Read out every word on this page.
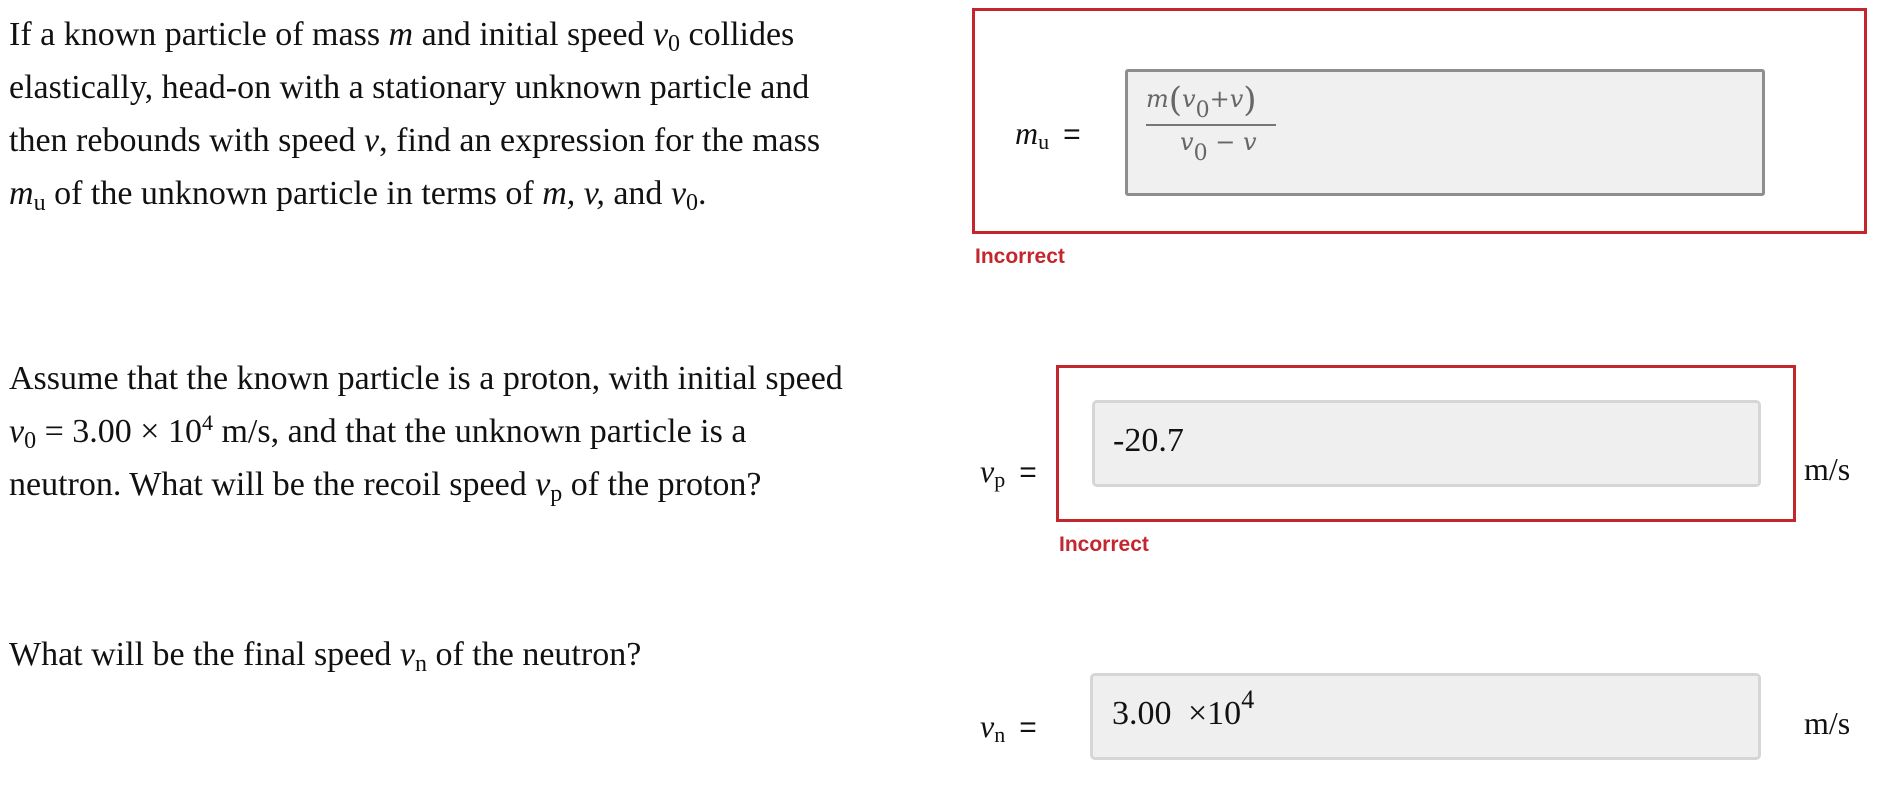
If a known particle of mass m and initial speed $v_0$ collides
elastically, head-on with a stationary unknown particle and
then rebounds with speed v, find an expression for the mass
$m_u$ of the unknown particle in terms of m, v, and $v_0$.
Assume that the known particle is a proton, with initial speed
$v_0 = 3.00 \times 10^4$ m/s, and that the unknown particle is a
neutron. What will be the recoil speed $v_p$ of the proton?
What will be the final speed $v_n$ of the neutron?
$m_u$ =
m(v0+v)
v0 − v
Incorrect
$v_p$ =
-20.7
m/s
Incorrect
$v_n = 3.00 \times 10^4$
m/s
